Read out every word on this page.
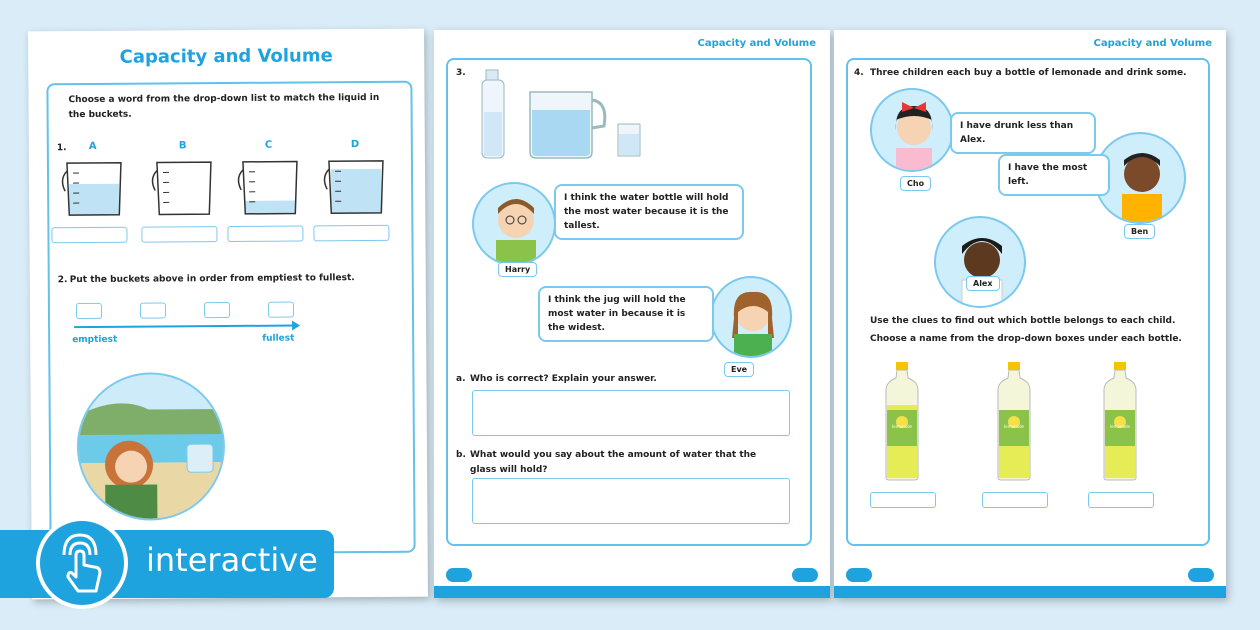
Capacity and Volume
Choose a word from the drop-down list to match the liquid in the buckets.
1. A	B	C	D
2. Put the buckets above in order from emptiest to fullest.
emptiest	fullest
Capacity and Volume
3.
Harry
I think the water bottle will hold the most water because it is the tallest.
Eve
I think the jug will hold the most water in because it is the widest.
a. Who is correct? Explain your answer.
b. What would you say about the amount of water that the glass will hold?
Capacity and Volume
4. Three children each buy a bottle of lemonade and drink some.
Cho
I have drunk less than Alex.
Ben
I have the most left.
Alex
Use the clues to find out which bottle belongs to each child.
Choose a name from the drop-down boxes under each bottle.
lemonade	lemonade	lemonade
interactive
